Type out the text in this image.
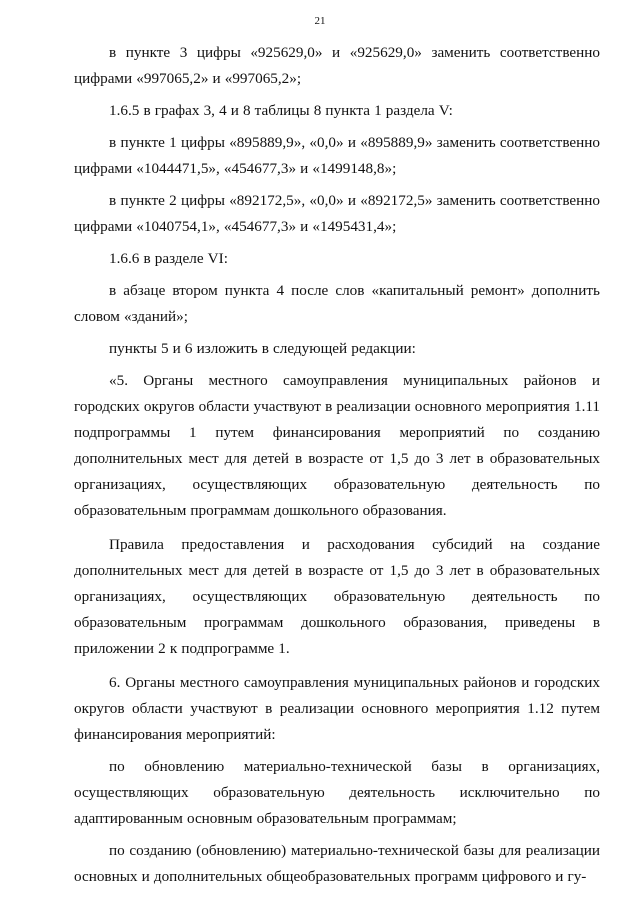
21

в пункте 3 цифры «925629,0» и «925629,0» заменить соответственно цифрами «997065,2» и «997065,2»;

1.6.5 в графах 3, 4 и 8 таблицы 8 пункта 1 раздела V:

в пункте 1 цифры «895889,9», «0,0» и «895889,9» заменить соответственно цифрами «1044471,5», «454677,3» и «1499148,8»;

в пункте 2 цифры «892172,5», «0,0» и «892172,5» заменить соответственно цифрами «1040754,1», «454677,3» и «1495431,4»;

1.6.6 в разделе VI:

в абзаце втором пункта 4 после слов «капитальный ремонт» дополнить словом «зданий»;

пункты 5 и 6 изложить в следующей редакции:

«5. Органы местного самоуправления муниципальных районов и городских округов области участвуют в реализации основного мероприятия 1.11 подпрограммы 1 путем финансирования мероприятий по созданию дополнительных мест для детей в возрасте от 1,5 до 3 лет в образовательных организациях, осуществляющих образовательную деятельность по образовательным программам дошкольного образования.

Правила предоставления и расходования субсидий на создание дополнительных мест для детей в возрасте от 1,5 до 3 лет в образовательных организациях, осуществляющих образовательную деятельность по образовательным программам дошкольного образования, приведены в приложении 2 к подпрограмме 1.

6. Органы местного самоуправления муниципальных районов и городских округов области участвуют в реализации основного мероприятия 1.12 путем финансирования мероприятий:

по обновлению материально-технической базы в организациях, осуществляющих образовательную деятельность исключительно по адаптированным основным образовательным программам;

по созданию (обновлению) материально-технической базы для реализации основных и дополнительных общеобразовательных программ цифрового и гу-
